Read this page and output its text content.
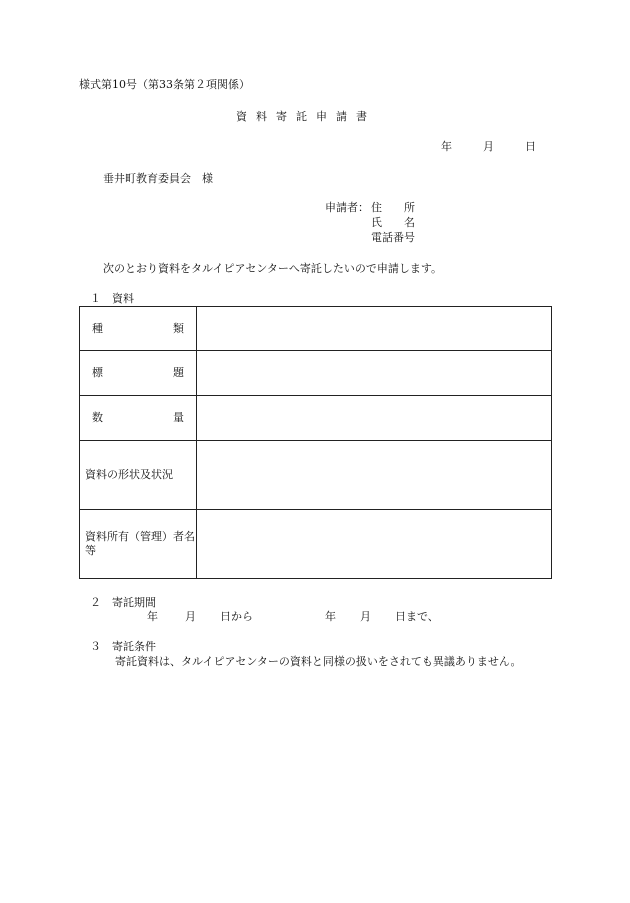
様式第10号（第33条第２項関係）
資料寄託申請書
年	月	日
垂井町教育委員会　様
申請者： 住　　所
氏　　名
電話番号
次のとおり資料をタルイピアセンターへ寄託したいので申請します。
１　資料
種 類	

標 題	

数 量	

資料の形状及状況	
資料所有（管理）者名等	
２　寄託期間
年 月 日から	年 月 日まで、
３　寄託条件
寄託資料は、タルイピアセンターの資料と同様の扱いをされても異議ありません。
